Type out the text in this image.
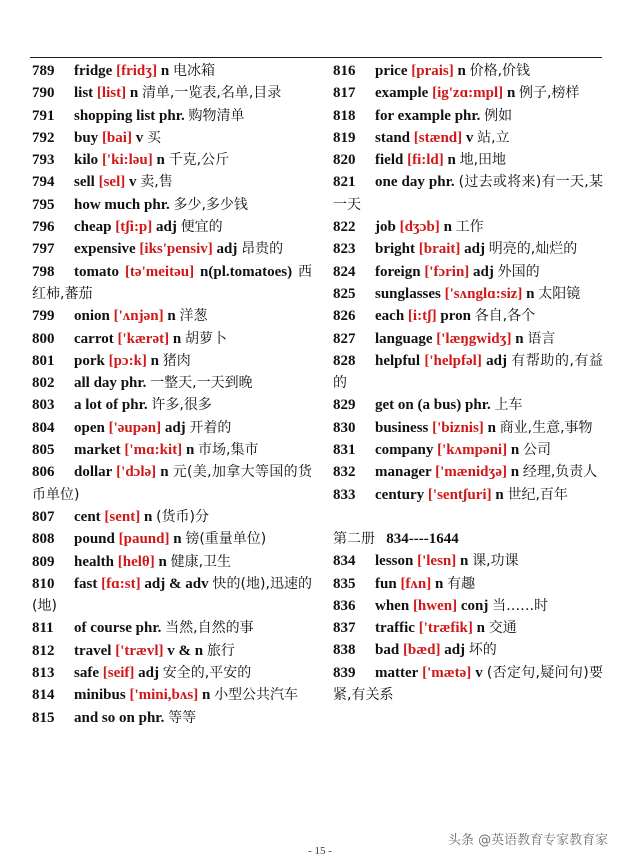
789 fridge [fridʒ] n 电冰箱
790 list [list] n 清单,一览表,名单,目录
791 shopping list phr. 购物清单
792 buy [bai] v 买
793 kilo ['ki:ləu] n 千克,公斤
794 sell [sel] v 卖,售
795 how much phr. 多少,多少钱
796 cheap [tʃi:p] adj 便宜的
797 expensive [iks'pensiv] adj 昂贵的
798 tomato [tə'meitəu] n(pl.tomatoes) 西红柿,蕃茄
799 onion ['ʌnjən] n 洋葱
800 carrot ['kærət] n 胡萝卜
801 pork [pɔ:k] n 猪肉
802 all day phr. 一整天,一天到晚
803 a lot of phr. 许多,很多
804 open ['əupən] adj 开着的
805 market ['mɑ:kit] n 市场,集市
806 dollar ['dɔlə] n 元(美,加拿大等国的货币单位)
807 cent [sent] n (货币)分
808 pound [paund] n 镑(重量单位)
809 health [helθ] n 健康,卫生
810 fast [fɑ:st] adj & adv 快的(地),迅速的(地)
811 of course phr. 当然,自然的事
812 travel ['trævl] v & n 旅行
813 safe [seif] adj 安全的,平安的
814 minibus ['mini,bʌs] n 小型公共汽车
815 and so on phr. 等等
816 price [prais] n 价格,价钱
817 example [ig'zɑ:mpl] n 例子,榜样
818 for example phr. 例如
819 stand [stænd] v 站,立
820 field [fi:ld] n 地,田地
821 one day phr. (过去或将来)有一天,某一天
822 job [dʒɔb] n 工作
823 bright [brait] adj 明亮的,灿烂的
824 foreign ['fɔrin] adj 外国的
825 sunglasses ['sʌnglɑ:siz] n 太阳镜
826 each [i:tʃ] pron 各自,各个
827 language ['læŋgwidʒ] n 语言
828 helpful ['helpfəl] adj 有帮助的,有益的
829 get on (a bus) phr. 上车
830 business ['biznis] n 商业,生意,事物
831 company ['kʌmpəni] n 公司
832 manager ['mænidʒə] n 经理,负责人
833 century ['sentʃuri] n 世纪,百年
第二册 834----1644
834 lesson ['lesn] n 课,功课
835 fun [fʌn] n 有趣
836 when [hwen] conj 当……时
837 traffic ['træfik] n 交通
838 bad [bæd] adj 坏的
839 matter ['mætə] v (否定句,疑问句)要紧,有关系
- 15 -
头条 @英语教育专家教育家
